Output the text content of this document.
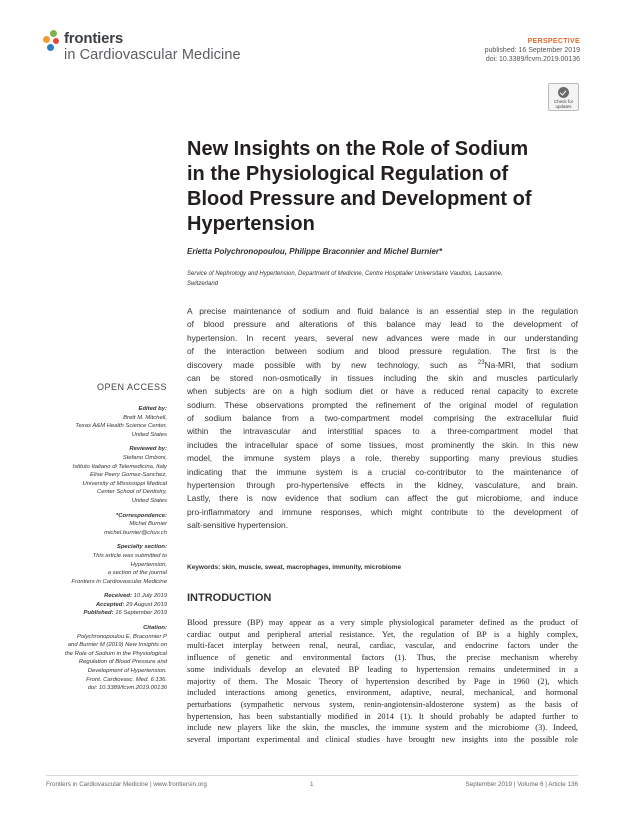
frontiers
in Cardiovascular Medicine
PERSPECTIVE
published: 16 September 2019
doi: 10.3389/fcvm.2019.00136
Check for updates
New Insights on the Role of Sodium
in the Physiological Regulation of
Blood Pressure and Development of
Hypertension
Erietta Polychronopoulou, Philippe Braconnier and Michel Burnier*
Service of Nephrology and Hypertension, Department of Medicine, Centre Hospitalier Universitaire Vaudois, Lausanne,
Switzerland
A precise maintenance of sodium and fluid balance is an essential step in the regulation
of blood pressure and alterations of this balance may lead to the development of
hypertension. In recent years, several new advances were made in our understanding
of the interaction between sodium and blood pressure regulation. The first is the
discovery made possible with by new technology, such as $^{23}$Na-MRI, that sodium
can be stored non-osmotically in tissues including the skin and muscles particularly
when subjects are on a high sodium diet or have a reduced renal capacity to excrete
sodium. These observations prompted the refinement of the original model of regulation
of sodium balance from a two-compartment model comprising the extracellular fluid
within the intravascular and interstitial spaces to a three-compartment model that
includes the intracellular space of some tissues, most prominently the skin. In this new
model, the immune system plays a role, thereby supporting many previous studies
indicating that the immune system is a crucial co-contributor to the maintenance of
hypertension through pro-hypertensive effects in the kidney, vasculature, and brain.
Lastly, there is now evidence that sodium can affect the gut microbiome, and induce
pro-inflammatory and immune responses, which might contribute to the development of
salt-sensitive hypertension.
Keywords: skin, muscle, sweat, macrophages, immunity, microbiome
OPEN ACCESS
Edited by:
Brett M. Mitchell,
Texas A&M Health Science Center,
United States
Reviewed by:
Stefano Omboni,
Istituto Italiano di Telemedicina, Italy
Elise Peery Gomez-Sanchez,
University of Mississippi Medical
Center School of Dentistry,
United States
*Correspondence:
Michel Burnier
michel.burnier@chuv.ch
Specialty section:
This article was submitted to
Hypertension,
a section of the journal
Frontiers in Cardiovascular Medicine
Received: 10 July 2019
Accepted: 29 August 2019
Published: 16 September 2019
Citation:
Polychronopoulou E, Braconnier P
and Burnier M (2019) New Insights on
the Role of Sodium in the Physiological
Regulation of Blood Pressure and
Development of Hypertension.
Front. Cardiovasc. Med. 6:136.
doi: 10.3389/fcvm.2019.00136
INTRODUCTION
Blood pressure (BP) may appear as a very simple physiological parameter defined as the product of
cardiac output and peripheral arterial resistance. Yet, the regulation of BP is a highly complex,
multi-facet interplay between renal, neural, cardiac, vascular, and endocrine factors under the
influence of genetic and environmental factors (1). Thus, the precise mechanism whereby
some individuals develop an elevated BP leading to hypertension remains undetermined in a
majority of them. The Mosaic Theory of hypertension described by Page in 1960 (2), which
included interactions among genetics, environment, adaptive, neural, mechanical, and hormonal
perturbations (sympathetic nervous system, renin-angiotensin-aldosterone system) as the basis of
hypertension, has been substantially modified in 2014 (1). It should probably be adapted further to
include new players like the skin, the muscles, the immune system and the microbiome (3). Indeed,
several important experimental and clinical studies have brought new insights into the possible role
Frontiers in Cardiovascular Medicine | www.frontiersin.org	1	September 2019 | Volume 6 | Article 136
